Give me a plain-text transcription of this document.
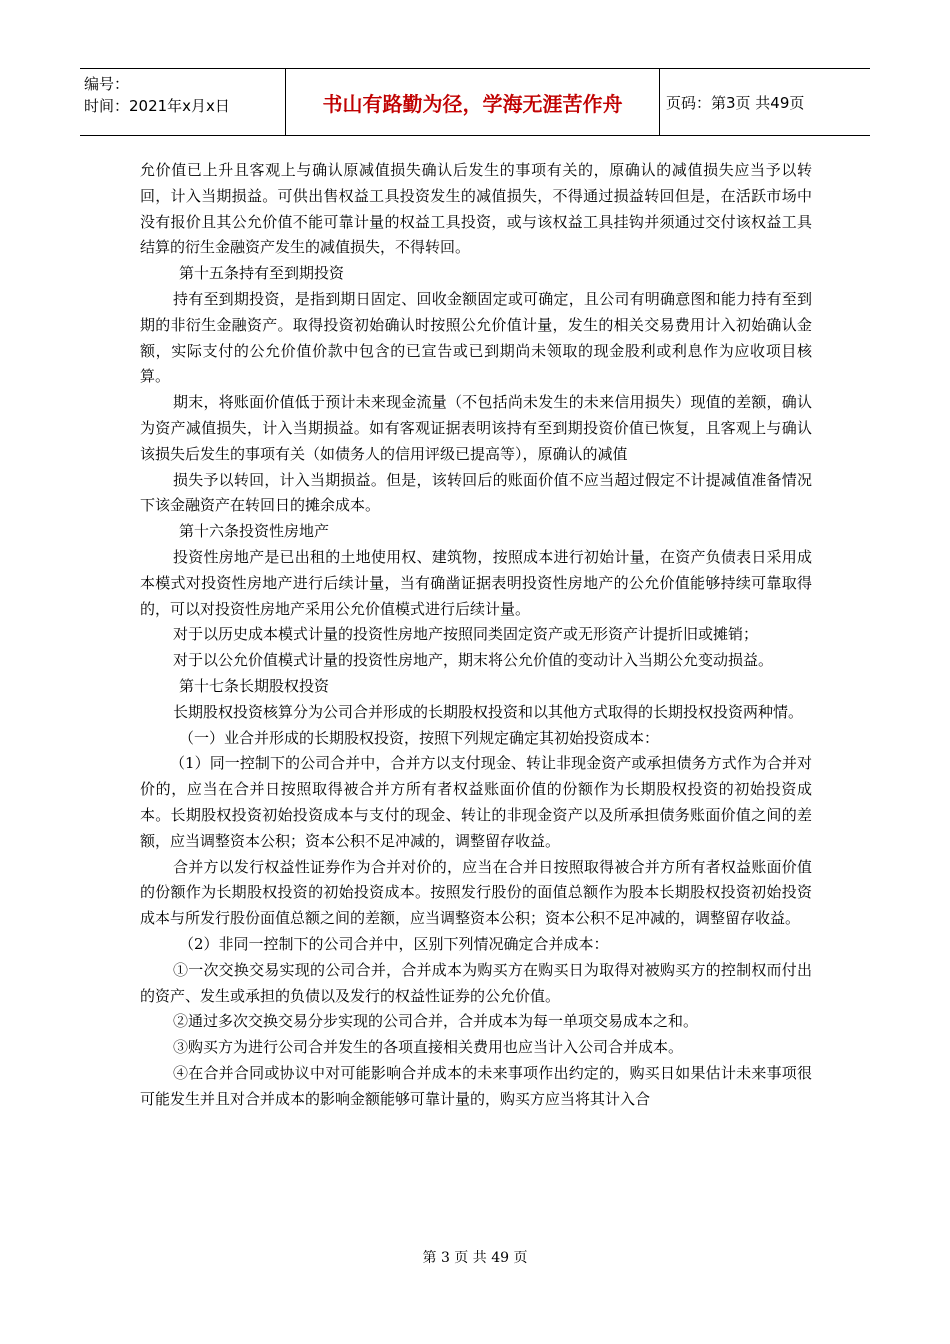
编号：
时间：2021年x月x日	书山有路勤为径，学海无涯苦作舟	页码：第3页 共49页

允价值已上升且客观上与确认原减值损失确认后发生的事项有关的，原确认的减值损失应当予以转回，计入当期损益。可供出售权益工具投资发生的减值损失，不得通过损益转回但是，在活跃市场中没有报价且其公允价值不能可靠计量的权益工具投资，或与该权益工具挂钩并须通过交付该权益工具结算的衍生金融资产发生的减值损失，不得转回。

第十五条持有至到期投资

持有至到期投资，是指到期日固定、回收金额固定或可确定，且公司有明确意图和能力持有至到期的非衍生金融资产。取得投资初始确认时按照公允价值计量，发生的相关交易费用计入初始确认金额，实际支付的公允价值价款中包含的已宣告或已到期尚未领取的现金股利或利息作为应收项目核算。

期末，将账面价值低于预计未来现金流量（不包括尚未发生的未来信用损失）现值的差额，确认为资产减值损失，计入当期损益。如有客观证据表明该持有至到期投资价值已恢复，且客观上与确认该损失后发生的事项有关（如债务人的信用评级已提高等），原确认的减值

损失予以转回，计入当期损益。但是，该转回后的账面价值不应当超过假定不计提减值准备情况下该金融资产在转回日的摊余成本。

第十六条投资性房地产

投资性房地产是已出租的土地使用权、建筑物，按照成本进行初始计量，在资产负债表日采用成本模式对投资性房地产进行后续计量，当有确凿证据表明投资性房地产的公允价值能够持续可靠取得的，可以对投资性房地产采用公允价值模式进行后续计量。

对于以历史成本模式计量的投资性房地产按照同类固定资产或无形资产计提折旧或摊销；

对于以公允价值模式计量的投资性房地产，期末将公允价值的变动计入当期公允变动损益。

第十七条长期股权投资

长期股权投资核算分为公司合并形成的长期股权投资和以其他方式取得的长期投权投资两种情。

（一）业合并形成的长期股权投资，按照下列规定确定其初始投资成本：

（1）同一控制下的公司合并中，合并方以支付现金、转让非现金资产或承担债务方式作为合并对价的，应当在合并日按照取得被合并方所有者权益账面价值的份额作为长期股权投资的初始投资成本。长期股权投资初始投资成本与支付的现金、转让的非现金资产以及所承担债务账面价值之间的差额，应当调整资本公积；资本公积不足冲减的，调整留存收益。

合并方以发行权益性证券作为合并对价的，应当在合并日按照取得被合并方所有者权益账面价值的份额作为长期股权投资的初始投资成本。按照发行股份的面值总额作为股本长期股权投资初始投资成本与所发行股份面值总额之间的差额，应当调整资本公积；资本公积不足冲减的，调整留存收益。

（2）非同一控制下的公司合并中，区别下列情况确定合并成本：

①一次交换交易实现的公司合并，合并成本为购买方在购买日为取得对被购买方的控制权而付出的资产、发生或承担的负债以及发行的权益性证券的公允价值。

②通过多次交换交易分步实现的公司合并，合并成本为每一单项交易成本之和。

③购买方为进行公司合并发生的各项直接相关费用也应当计入公司合并成本。

④在合并合同或协议中对可能影响合并成本的未来事项作出约定的，购买日如果估计未来事项很可能发生并且对合并成本的影响金额能够可靠计量的，购买方应当将其计入合

第 3 页 共 49 页
